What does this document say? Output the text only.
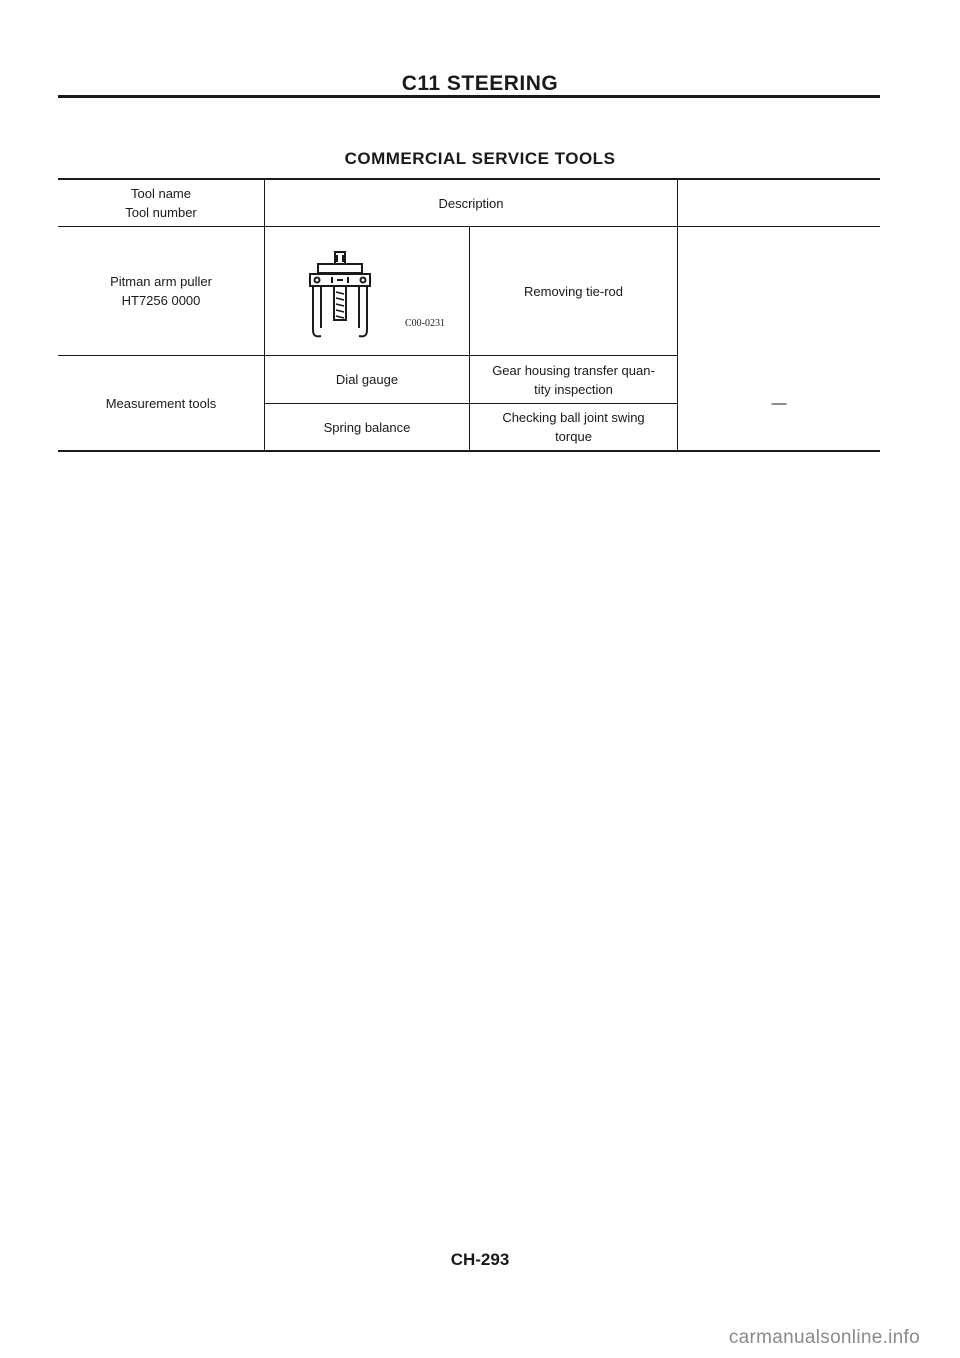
C11 STEERING
COMMERCIAL SERVICE TOOLS
Tool name
Tool number
Description
Pitman arm puller
HT7256 0000
C00-0231
Removing tie-rod
Measurement tools
Dial gauge
Gear housing transfer quan-
tity inspection
Spring balance
Checking ball joint swing
torque
—
CH-293
carmanualsonline.info
